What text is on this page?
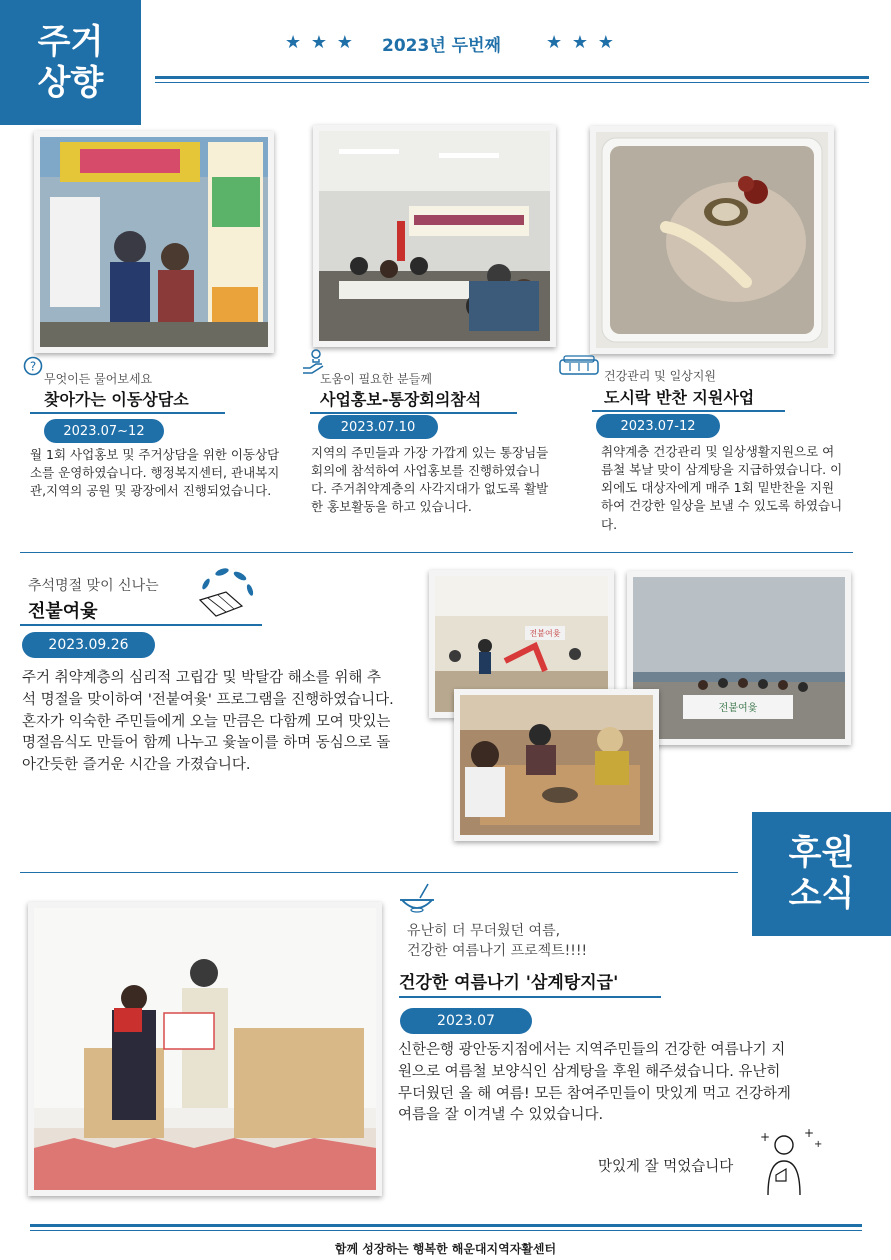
주거
상향
★ ★ ★ 2023년 두번째	★ ★ ★
?
무엇이든 물어보세요
찾아가는 이동상담소
2023.07~12
월 1회 사업홍보 및 주거상담을 위한 이동상담소를 운영하였습니다. 행정복지센터, 관내복지관,지역의 공원 및 광장에서 진행되었습니다.
도움이 필요한 분들께
사업홍보-통장회의참석
2023.07.10
지역의 주민들과 가장 가깝게 있는 통장님들 회의에 참석하여 사업홍보를 진행하였습니다. 주거취약계층의 사각지대가 없도록 활발한 홍보활동을 하고 있습니다.
건강관리 및 일상지원
도시락 반찬 지원사업
2023.07-12
취약계층 건강관리 및 일상생활지원으로 여름철 복날 맞이 삼계탕을 지급하였습니다. 이외에도 대상자에게 매주 1회 밑반찬을 지원하여 건강한 일상을 보낼 수 있도록 하였습니다.
추석명절 맞이 신나는
전붙여윷
2023.09.26
주거 취약계층의 심리적 고립감 및 박탈감 해소를 위해 추석 명절을 맞이하여 '전붙여윷' 프로그램을 진행하였습니다. 혼자가 익숙한 주민들에게 오늘 만큼은 다함께 모여 맛있는 명절음식도 만들어 함께 나누고 윷놀이를 하며 동심으로 돌아간듯한 즐거운 시간을 가졌습니다.
전붙여윷
전붙여윷
후원
소식
유난히 더 무더웠던 여름,
건강한 여름나기 프로젝트!!!!
건강한 여름나기 '삼계탕지급'
2023.07
신한은행 광안동지점에서는 지역주민들의 건강한 여름나기 지원으로 여름철 보양식인 삼계탕을 후원 해주셨습니다. 유난히 무더웠던 올 해 여름! 모든 참여주민들이 맛있게 먹고 건강하게 여름을 잘 이겨낼 수 있었습니다.
맛있게 잘 먹었습니다
+	+
+
함께 성장하는 행복한 해운대지역자활센터
